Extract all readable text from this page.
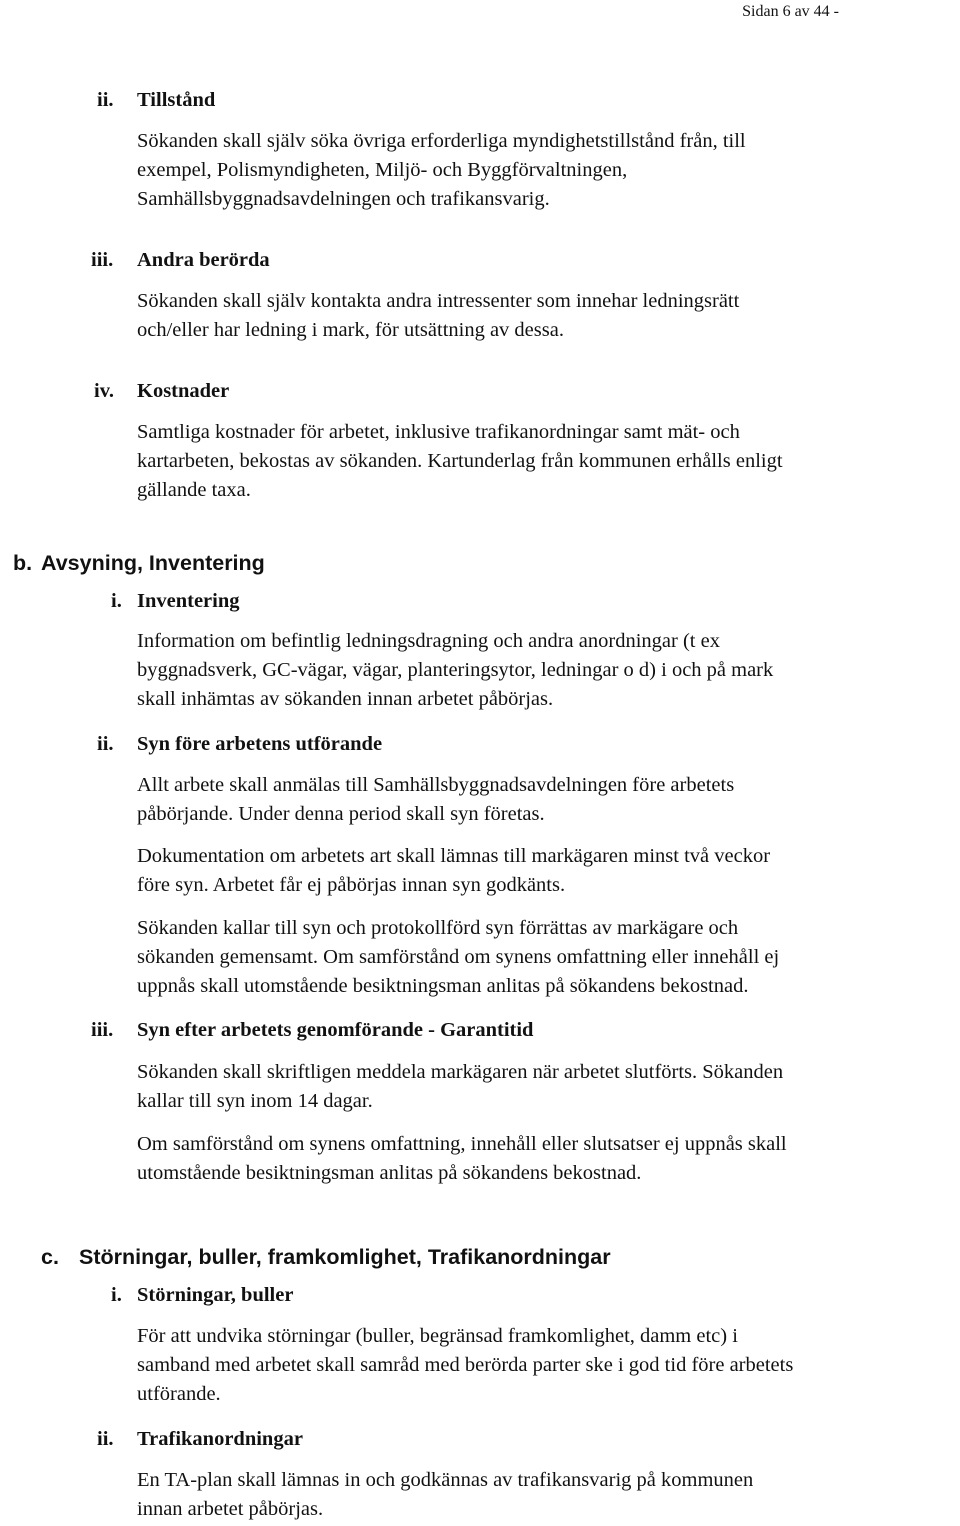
Sidan 6 av 44 -
ii. Tillstånd

Sökanden skall själv söka övriga erforderliga myndighetstillstånd från, till
exempel, Polismyndigheten, Miljö- och Byggförvaltningen,
Samhällsbyggnadsavdelningen och trafikansvarig.

iii. Andra berörda

Sökanden skall själv kontakta andra intressenter som innehar ledningsrätt
och/eller har ledning i mark, för utsättning av dessa.

iv. Kostnader

Samtliga kostnader för arbetet, inklusive trafikanordningar samt mät- och
kartarbeten, bekostas av sökanden. Kartunderlag från kommunen erhålls enligt
gällande taxa.

b. Avsyning, Inventering
i. Inventering

Information om befintlig ledningsdragning och andra anordningar (t ex
byggnadsverk, GC-vägar, vägar, planteringsytor, ledningar o d) i och på mark
skall inhämtas av sökanden innan arbetet påbörjas.

ii. Syn före arbetens utförande

Allt arbete skall anmälas till Samhällsbyggnadsavdelningen före arbetets
påbörjande. Under denna period skall syn företas.

Dokumentation om arbetets art skall lämnas till markägaren minst två veckor
före syn. Arbetet får ej påbörjas innan syn godkänts.

Sökanden kallar till syn och protokollförd syn förrättas av markägare och
sökanden gemensamt. Om samförstånd om synens omfattning eller innehåll ej
uppnås skall utomstående besiktningsman anlitas på sökandens bekostnad.

iii. Syn efter arbetets genomförande - Garantitid

Sökanden skall skriftligen meddela markägaren när arbetet slutförts. Sökanden
kallar till syn inom 14 dagar.

Om samförstånd om synens omfattning, innehåll eller slutsatser ej uppnås skall
utomstående besiktningsman anlitas på sökandens bekostnad.

c. Störningar, buller, framkomlighet, Trafikanordningar
i. Störningar, buller

För att undvika störningar (buller, begränsad framkomlighet, damm etc) i
samband med arbetet skall samråd med berörda parter ske i god tid före arbetets
utförande.

ii. Trafikanordningar

En TA-plan skall lämnas in och godkännas av trafikansvarig på kommunen
innan arbetet påbörjas.
